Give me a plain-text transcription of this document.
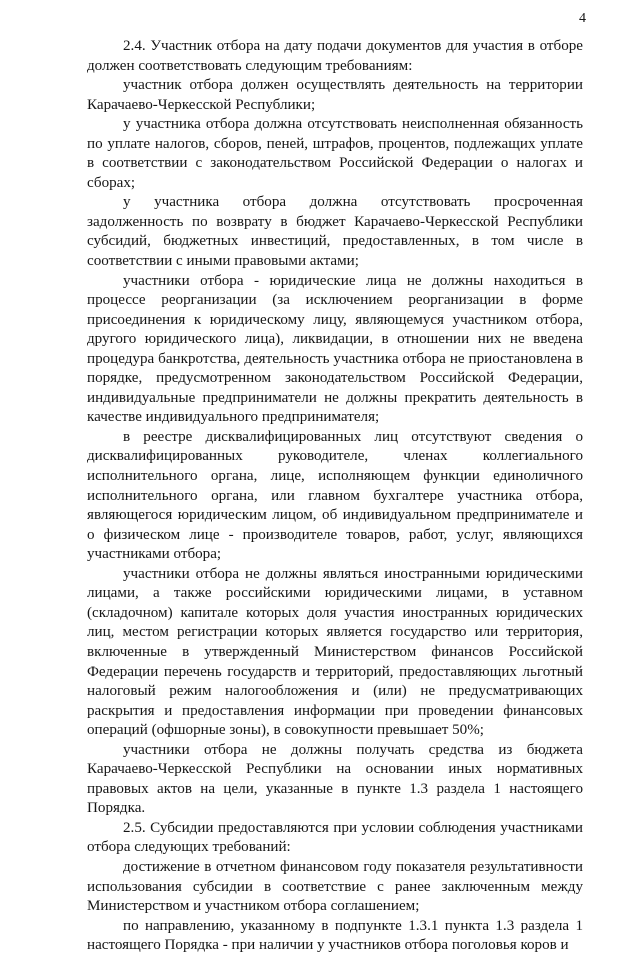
4

2.4. Участник отбора на дату подачи документов для участия в отборе должен соответствовать следующим требованиям:

участник отбора должен осуществлять деятельность на территории Карачаево-Черкесской Республики;

у участника отбора должна отсутствовать неисполненная обязанность по уплате налогов, сборов, пеней, штрафов, процентов, подлежащих уплате в соответствии с законодательством Российской Федерации о налогах и сборах;

у участника отбора должна отсутствовать просроченная задолженность по возврату в бюджет Карачаево-Черкесской Республики субсидий, бюджетных инвестиций, предоставленных, в том числе в соответствии с иными правовыми актами;

участники отбора - юридические лица не должны находиться в процессе реорганизации (за исключением реорганизации в форме присоединения к юридическому лицу, являющемуся участником отбора, другого юридического лица), ликвидации, в отношении них не введена процедура банкротства, деятельность участника отбора не приостановлена в порядке, предусмотренном законодательством Российской Федерации, индивидуальные предприниматели не должны прекратить деятельность в качестве индивидуального предпринимателя;

в реестре дисквалифицированных лиц отсутствуют сведения о дисквалифицированных руководителе, членах коллегиального исполнительного органа, лице, исполняющем функции единоличного исполнительного органа, или главном бухгалтере участника отбора, являющегося юридическим лицом, об индивидуальном предпринимателе и о физическом лице - производителе товаров, работ, услуг, являющихся участниками отбора;

участники отбора не должны являться иностранными юридическими лицами, а также российскими юридическими лицами, в уставном (складочном) капитале которых доля участия иностранных юридических лиц, местом регистрации которых является государство или территория, включенные в утвержденный Министерством финансов Российской Федерации перечень государств и территорий, предоставляющих льготный налоговый режим налогообложения и (или) не предусматривающих раскрытия и предоставления информации при проведении финансовых операций (офшорные зоны), в совокупности превышает 50%;

участники отбора не должны получать средства из бюджета Карачаево-Черкесской Республики на основании иных нормативных правовых актов на цели, указанные в пункте 1.3 раздела 1 настоящего Порядка.

2.5. Субсидии предоставляются при условии соблюдения участниками отбора следующих требований:

достижение в отчетном финансовом году показателя результативности использования субсидии в соответствие с ранее заключенным между Министерством и участником отбора соглашением;

по направлению, указанному в подпункте 1.3.1 пункта 1.3 раздела 1 настоящего Порядка - при наличии у участников отбора поголовья коров и
